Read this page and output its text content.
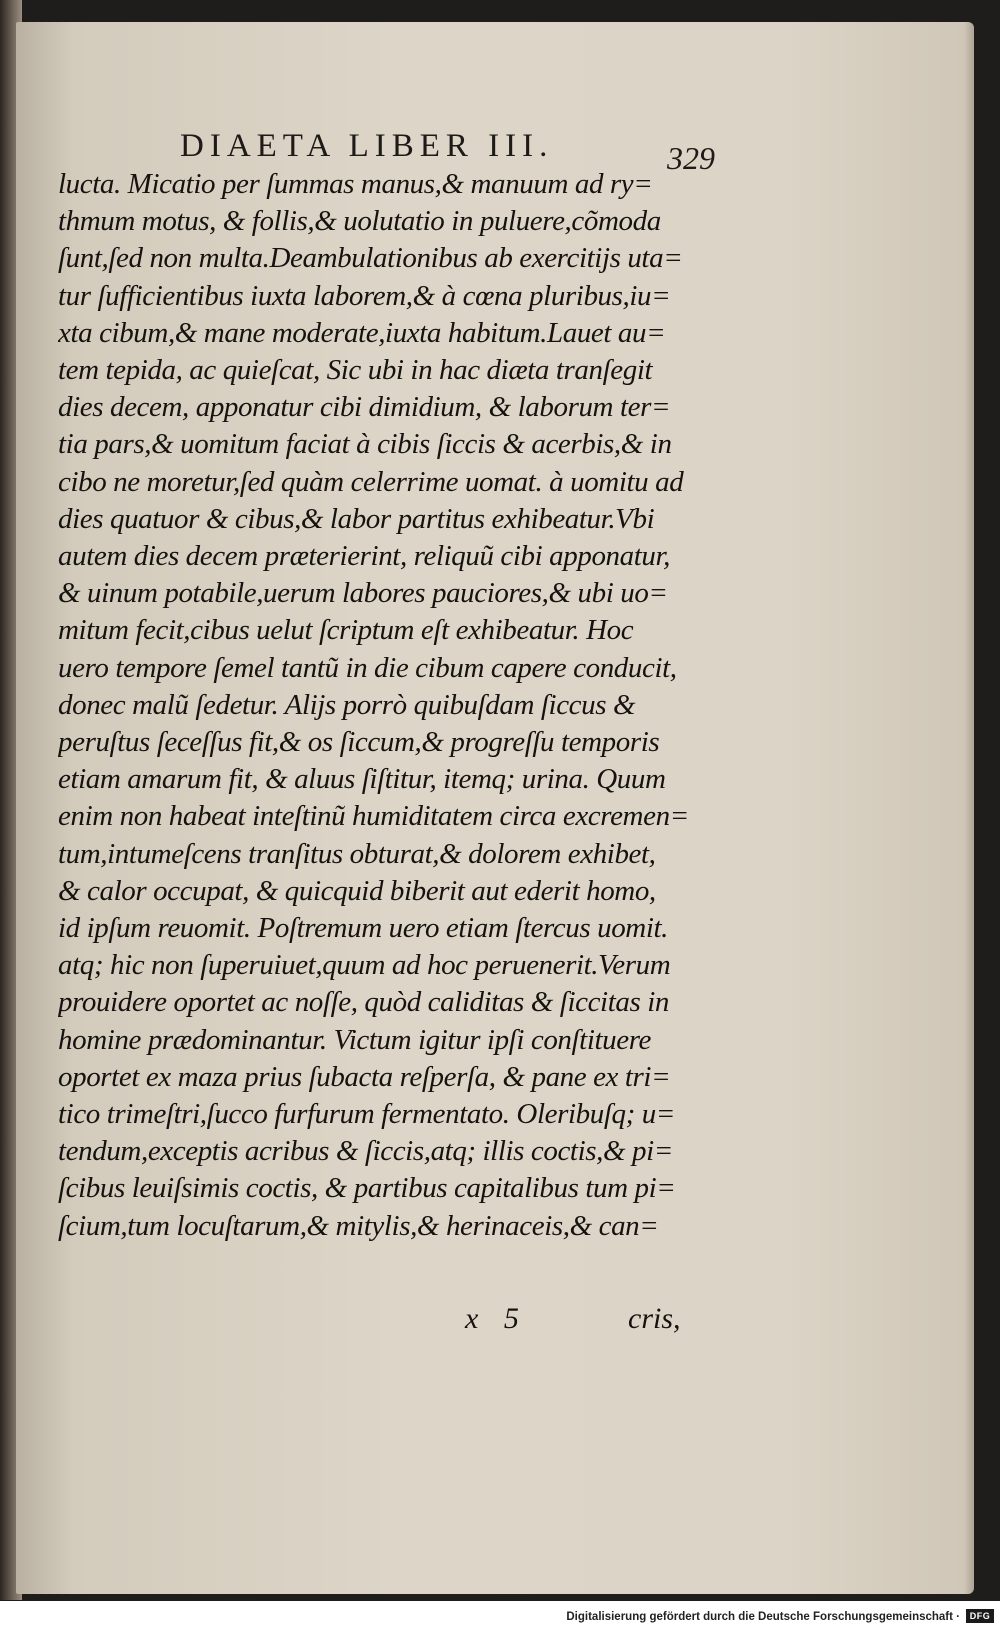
DIAETA LIBER III.	329
lucta. Micatio per ſummas manus,& manuum ad ry=
thmum motus, & follis,& uolutatio in puluere,cõmoda
ſunt,ſed non multa.Deambulationibus ab exercitijs uta=
tur ſufficientibus iuxta laborem,& à cœna pluribus,iu=
xta cibum,& mane moderate,iuxta habitum.Lauet au=
tem tepida, ac quieſcat, Sic ubi in hac diæta tranſegit
dies decem, apponatur cibi dimidium, & laborum ter=
tia pars,& uomitum faciat à cibis ſiccis & acerbis,& in
cibo ne moretur,ſed quàm celerrime uomat. à uomitu ad
dies quatuor & cibus,& labor partitus exhibeatur.Vbi
autem dies decem præterierint, reliquũ cibi apponatur,
& uinum potabile,uerum labores pauciores,& ubi uo=
mitum fecit,cibus uelut ſcriptum eſt exhibeatur. Hoc
uero tempore ſemel tantũ in die cibum capere conducit,
donec malũ ſedetur. Alijs porrò quibuſdam ſiccus &
peruſtus ſeceſſus fit,& os ſiccum,& progreſſu temporis
etiam amarum fit, & aluus ſiſtitur, itemq; urina. Quum
enim non habeat inteſtinũ humiditatem circa excremen=
tum,intumeſcens tranſitus obturat,& dolorem exhibet,
& calor occupat, & quicquid biberit aut ederit homo,
id ipſum reuomit. Poſtremum uero etiam ſtercus uomit.
atq; hic non ſuperuiuet,quum ad hoc peruenerit.Verum
prouidere oportet ac noſſe, quòd caliditas & ſiccitas in
homine prædominantur. Victum igitur ipſi conſtituere
oportet ex maza prius ſubacta reſperſa, & pane ex tri=
tico trimeſtri,ſucco furfurum fermentato. Oleribuſq; u=
tendum,exceptis acribus & ſiccis,atq; illis coctis,& pi=
ſcibus leuiſsimis coctis, & partibus capitalibus tum pi=
ſcium,tum locuſtarum,& mitylis,& herinaceis,& can=
x 5	cris,
Digitalisierung gefördert durch die Deutsche Forschungsgemeinschaft ·	DFG
